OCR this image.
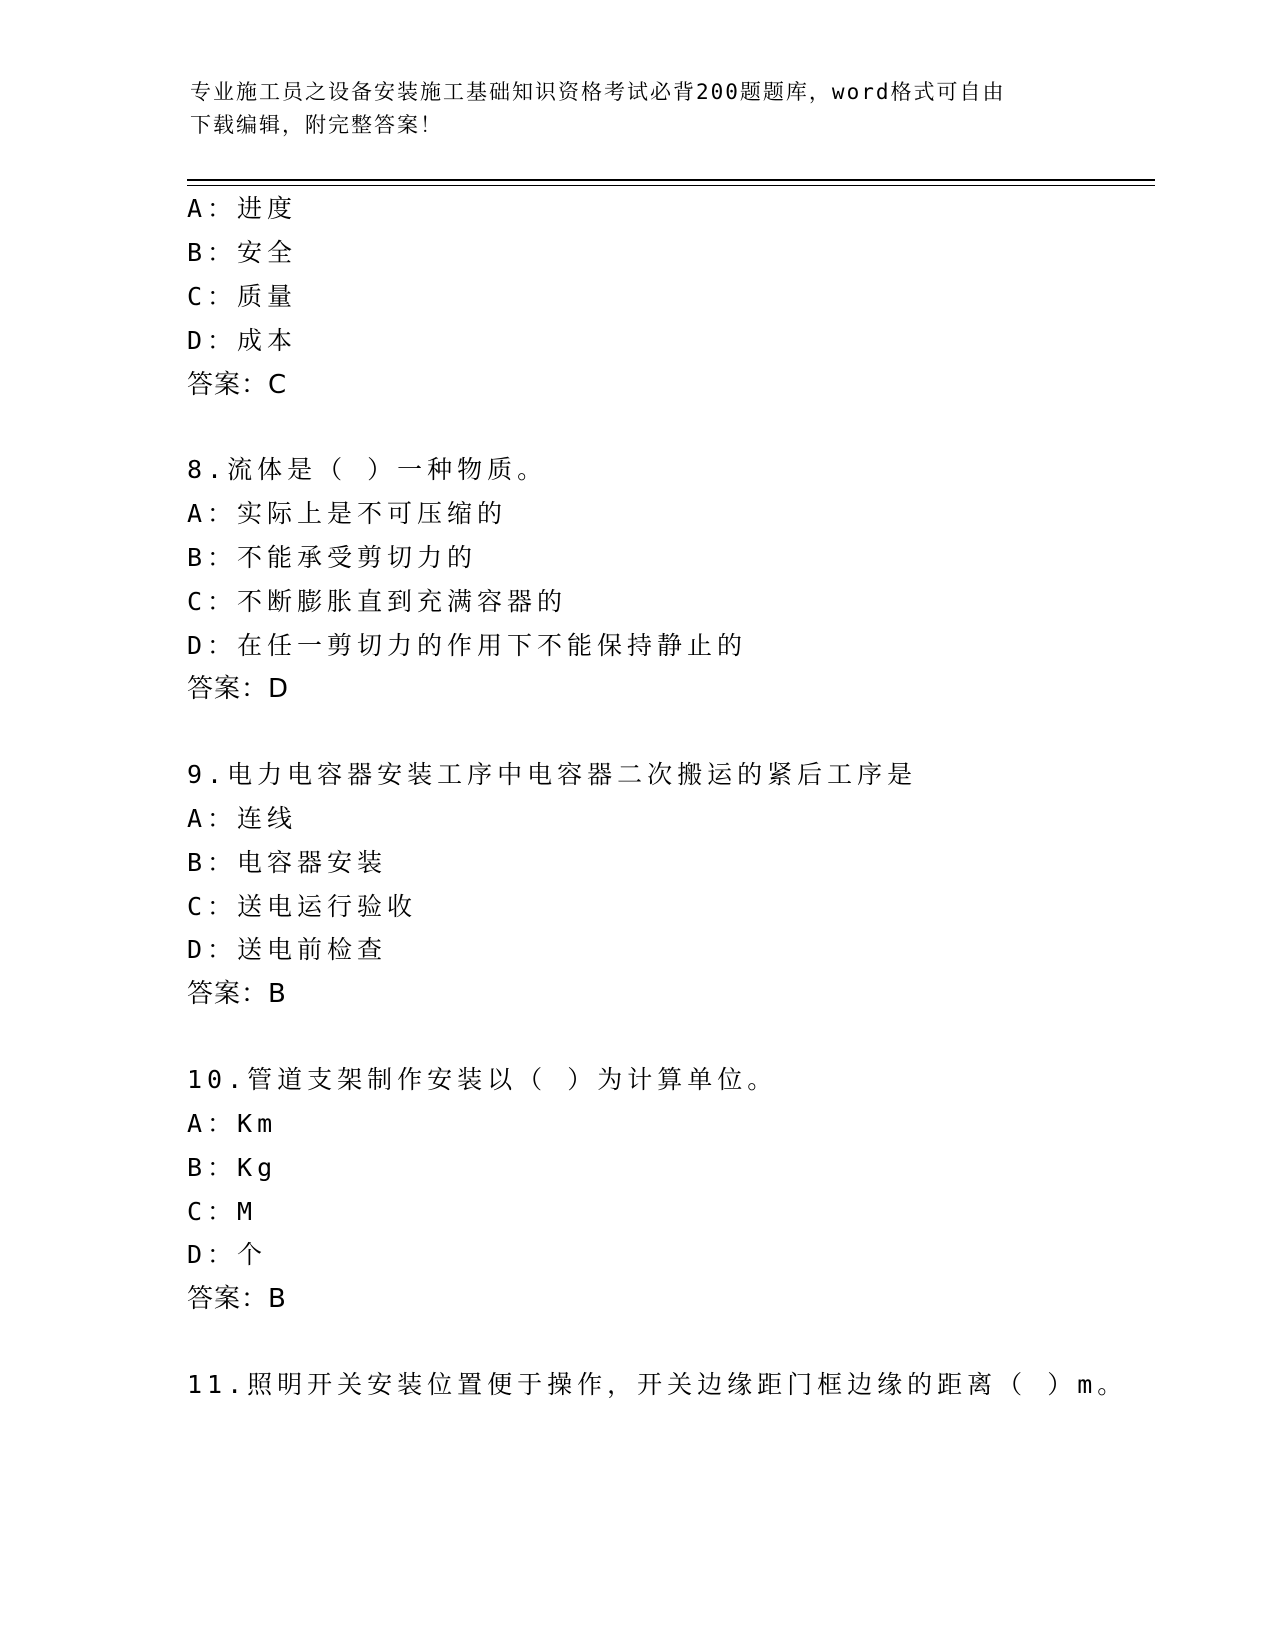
专业施工员之设备安装施工基础知识资格考试必背200题题库，word格式可自由
下载编辑，附完整答案！
A：进度
B：安全
C：质量
D：成本
答案：C
8.流体是（ ）一种物质。
A：实际上是不可压缩的
B：不能承受剪切力的
C：不断膨胀直到充满容器的
D：在任一剪切力的作用下不能保持静止的
答案：D
9.电力电容器安装工序中电容器二次搬运的紧后工序是
A：连线
B：电容器安装
C：送电运行验收
D：送电前检查
答案：B
10.管道支架制作安装以（ ）为计算单位。
A：Km
B：Kg
C：M
D：个
答案：B
11.照明开关安装位置便于操作，开关边缘距门框边缘的距离（ ）m。
